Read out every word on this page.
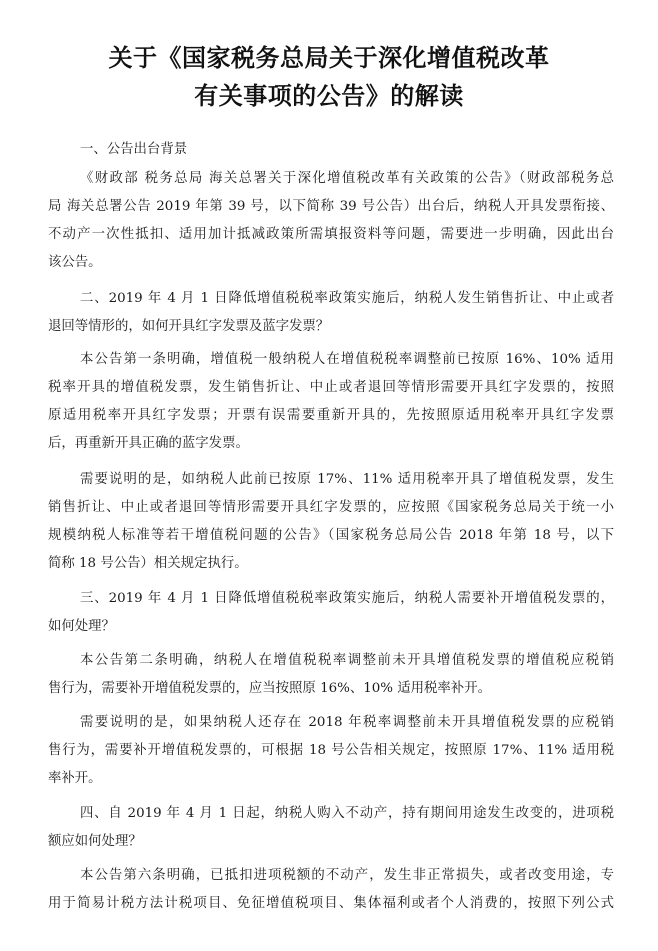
关于《国家税务总局关于深化增值税改革
有关事项的公告》的解读
一、公告出台背景
《财政部 税务总局 海关总署关于深化增值税改革有关政策的公告》（财政部税务总
局 海关总署公告 2019 年第 39 号，以下简称 39 号公告）出台后，纳税人开具发票衔接、
不动产一次性抵扣、适用加计抵减政策所需填报资料等问题，需要进一步明确，因此出台
该公告。
二、2019 年 4 月 1 日降低增值税税率政策实施后，纳税人发生销售折让、中止或者
退回等情形的，如何开具红字发票及蓝字发票？
本公告第一条明确，增值税一般纳税人在增值税税率调整前已按原 16%、10% 适用
税率开具的增值税发票，发生销售折让、中止或者退回等情形需要开具红字发票的，按照
原适用税率开具红字发票；开票有误需要重新开具的，先按照原适用税率开具红字发票
后，再重新开具正确的蓝字发票。
需要说明的是，如纳税人此前已按原 17%、11% 适用税率开具了增值税发票，发生
销售折让、中止或者退回等情形需要开具红字发票的，应按照《国家税务总局关于统一小
规模纳税人标准等若干增值税问题的公告》（国家税务总局公告 2018 年第 18 号，以下
简称 18 号公告）相关规定执行。
三、2019 年 4 月 1 日降低增值税税率政策实施后，纳税人需要补开增值税发票的，
如何处理？
本公告第二条明确，纳税人在增值税税率调整前未开具增值税发票的增值税应税销
售行为，需要补开增值税发票的，应当按照原 16%、10% 适用税率补开。
需要说明的是，如果纳税人还存在 2018 年税率调整前未开具增值税发票的应税销
售行为，需要补开增值税发票的，可根据 18 号公告相关规定，按照原 17%、11% 适用税
率补开。
四、自 2019 年 4 月 1 日起，纳税人购入不动产，持有期间用途发生改变的，进项税
额应如何处理？
本公告第六条明确，已抵扣进项税额的不动产，发生非正常损失，或者改变用途，专
用于简易计税方法计税项目、免征增值税项目、集体福利或者个人消费的，按照下列公式
